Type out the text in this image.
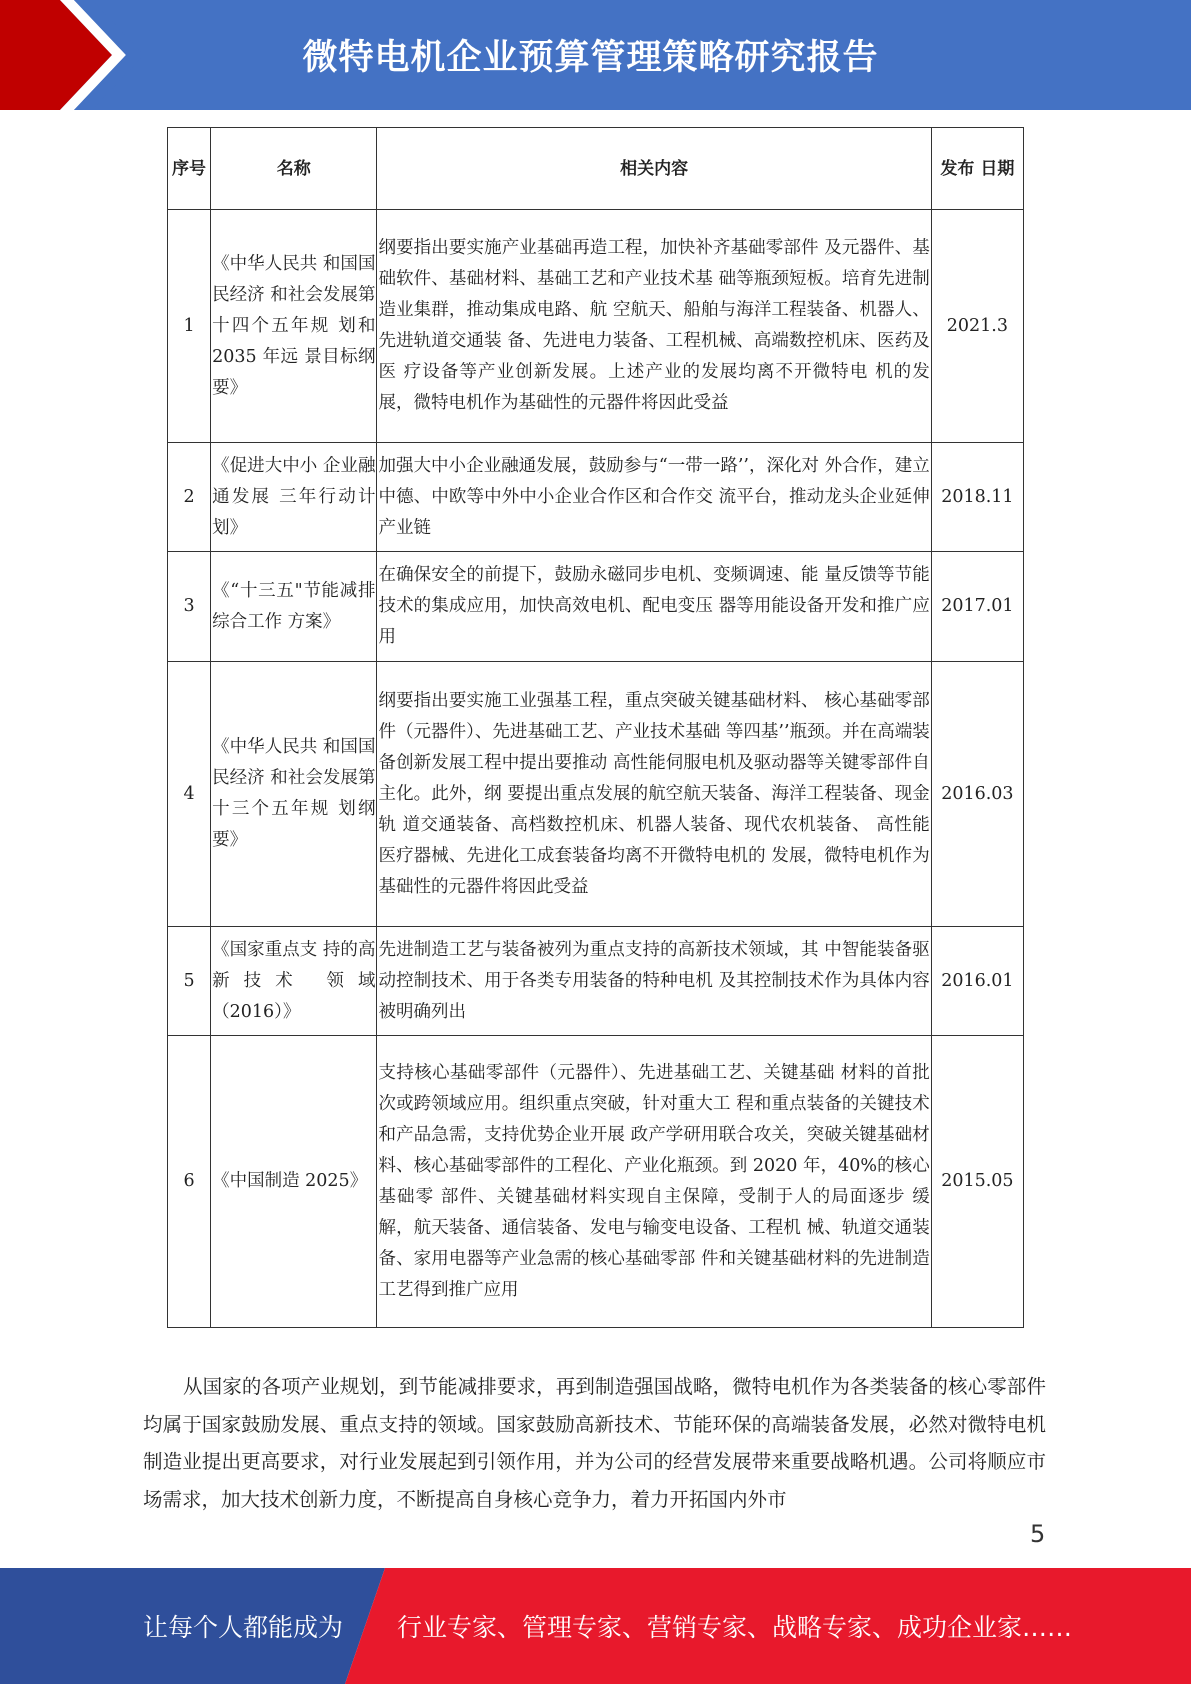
微特电机企业预算管理策略研究报告
序号	名称	相关内容	发布 日期
1	《中华人民共 和国国民经济 和社会发展第 十四个五年规 划和 2035 年远 景目标纲要》	纲要指出要实施产业基础再造工程，加快补齐基础零部件 及元器件、基础软件、基础材料、基础工艺和产业技术基 础等瓶颈短板。培育先进制造业集群，推动集成电路、航 空航天、船舶与海洋工程装备、机器人、先进轨道交通装 备、先进电力装备、工程机械、高端数控机床、医药及医 疗设备等产业创新发展。上述产业的发展均离不开微特电 机的发展，微特电机作为基础性的元器件将因此受益	2021.3
2	《促进大中小 企业融通发展 三年行动计划》	加强大中小企业融通发展，鼓励参与“一带一路’’，深化对 外合作，建立中德、中欧等中外中小企业合作区和合作交 流平台，推动龙头企业延伸产业链	2018.11
3	《“十三五"节能减排综合工作 方案》	在确保安全的前提下，鼓励永磁同步电机、变频调速、能 量反馈等节能技术的集成应用，加快高效电机、配电变压 器等用能设备开发和推广应用	2017.01
4	《中华人民共 和国国民经济 和社会发展第 十三个五年规 划纲要》	纲要指出要实施工业强基工程，重点突破关键基础材料、 核心基础零部件（元器件）、先进基础工艺、产业技术基础 等四基’’瓶颈。并在高端装备创新发展工程中提出要推动 高性能伺服电机及驱动器等关键零部件自主化。此外，纲 要提出重点发展的航空航天装备、海洋工程装备、现金轨 道交通装备、高档数控机床、机器人装备、现代农机装备、 高性能医疗器械、先进化工成套装备均离不开微特电机的 发展，微特电机作为基础性的元器件将因此受益	2016.03
5	《国家重点支 持的高新技术 领域（2016）》	先进制造工艺与装备被列为重点支持的高新技术领域，其 中智能装备驱动控制技术、用于各类专用装备的特种电机 及其控制技术作为具体内容被明确列出	2016.01
6	《中国制造 2025》	支持核心基础零部件（元器件）、先进基础工艺、关键基础 材料的首批次或跨领域应用。组织重点突破，针对重大工 程和重点装备的关键技术和产品急需，支持优势企业开展 政产学研用联合攻关，突破关键基础材料、核心基础零部件的工程化、产业化瓶颈。到 2020 年，40%的核心基础零 部件、关键基础材料实现自主保障，受制于人的局面逐步 缓解，航天装备、通信装备、发电与输变电设备、工程机 械、轨道交通装备、家用电器等产业急需的核心基础零部 件和关键基础材料的先进制造工艺得到推广应用	2015.05

从国家的各项产业规划，到节能减排要求，再到制造强国战略，微特电机作为各类装备的核心零部件均属于国家鼓励发展、重点支持的领域。国家鼓励高新技术、节能环保的高端装备发展，必然对微特电机制造业提出更高要求，对行业发展起到引领作用，并为公司的经营发展带来重要战略机遇。公司将顺应市场需求，加大技术创新力度，不断提高自身核心竞争力，着力开拓国内外市

5
让每个人都能成为 行业专家、管理专家、营销专家、战略专家、成功企业家……
